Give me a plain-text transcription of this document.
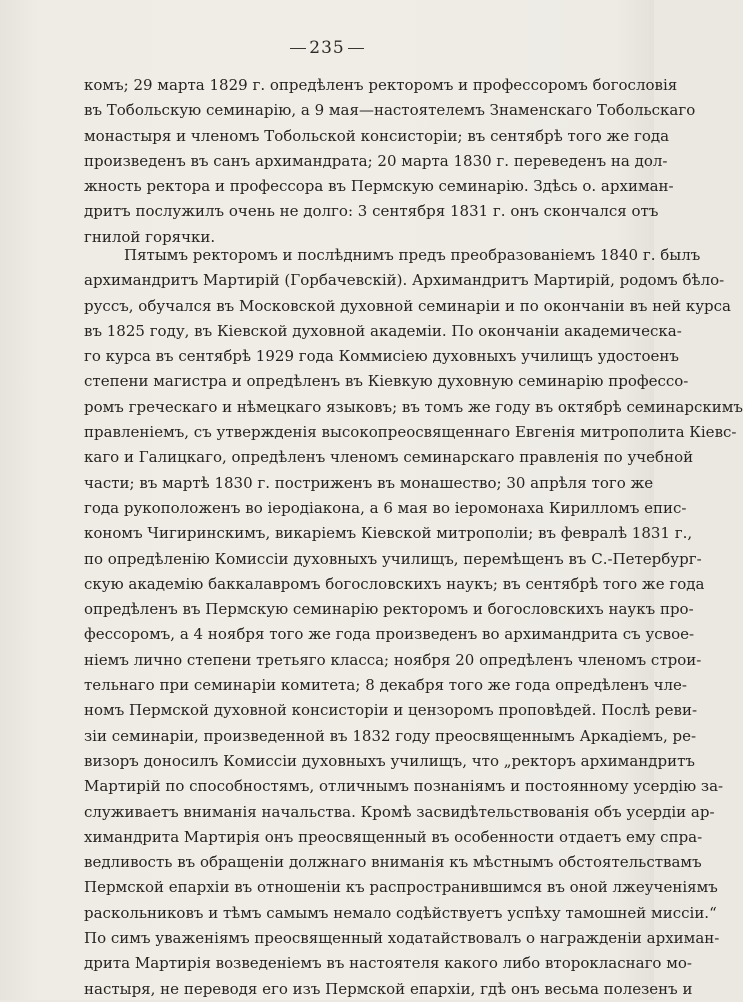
235
комъ; 29 марта 1829 г. опредѣленъ ректоромъ и профессоромъ богословія
въ Тобольскую семинарію, а 9 мая—настоятелемъ Знаменскаго Тобольскаго
монастыря и членомъ Тобольской консисторіи; въ сентябрѣ того же года
произведенъ въ санъ архимандрата; 20 марта 1830 г. переведенъ на дол-
жность ректора и профессора въ Пермскую семинарію. Здѣсь о. архиман-
дритъ послужилъ очень не долго: 3 сентября 1831 г. онъ скончался отъ
гнилой горячки.
Пятымъ ректоромъ и послѣднимъ предъ преобразованіемъ 1840 г. былъ
архимандритъ Мартирій (Горбачевскій). Архимандритъ Мартирій, родомъ бѣло-
руссъ, обучался въ Московской духовной семинаріи и по окончаніи въ ней курса
въ 1825 году, въ Кіевской духовной академіи. По окончаніи академическа-
го курса въ сентябрѣ 1929 года Коммисіею духовныхъ училищъ удостоенъ
степени магистра и опредѣленъ въ Кіевкую духовную семинарію профессо-
ромъ греческаго и нѣмецкаго языковъ; въ томъ же году въ октябрѣ семинарскимъ
правленіемъ, съ утвержденія высокопреосвященнаго Евгенія митрополита Кіевс-
каго и Галицкаго, опредѣленъ членомъ семинарскаго правленія по учебной
части; въ мартѣ 1830 г. постриженъ въ монашество; 30 апрѣля того же
года рукоположенъ во іеродіакона, а 6 мая во іеромонаха Кирилломъ епис-
кономъ Чигиринскимъ, викаріемъ Кіевской митрополіи; въ февралѣ 1831 г.,
по опредѣленію Комиссіи духовныхъ училищъ, перемѣщенъ въ С.-Петербург-
скую академію баккалавромъ богословскихъ наукъ; въ сентябрѣ того же года
опредѣленъ въ Пермскую семинарію ректоромъ и богословскихъ наукъ про-
фессоромъ, а 4 ноября того же года произведенъ во архимандрита съ усвое-
ніемъ лично степени третьяго класса; ноября 20 опредѣленъ членомъ строи-
тельнаго при семинаріи комитета; 8 декабря того же года опредѣленъ чле-
номъ Пермской духовной консисторіи и цензоромъ проповѣдей. Послѣ реви-
зіи семинаріи, произведенной въ 1832 году преосвященнымъ Аркадіемъ, ре-
визоръ доносилъ Комиссіи духовныхъ училищъ, что „ректоръ архимандритъ
Мартирій по способностямъ, отличнымъ познаніямъ и постоянному усердію за-
служиваетъ вниманія начальства. Кромѣ засвидѣтельствованія объ усердіи ар-
химандрита Мартирія онъ преосвященный въ особенности отдаетъ ему спра-
ведливость въ обращеніи должнаго вниманія къ мѣстнымъ обстоятельствамъ
Пермской епархіи въ отношеніи къ распространившимся въ оной лжеученіямъ
раскольниковъ и тѣмъ самымъ немало содѣйствуетъ успѣху тамошней миссіи.“
По симъ уваженіямъ преосвященный ходатайствовалъ о награжденіи архиман-
дрита Мартирія возведеніемъ въ настоятеля какого либо второкласнаго мо-
настыря, не переводя его изъ Пермской епархіи, гдѣ онъ весьма полезенъ и
